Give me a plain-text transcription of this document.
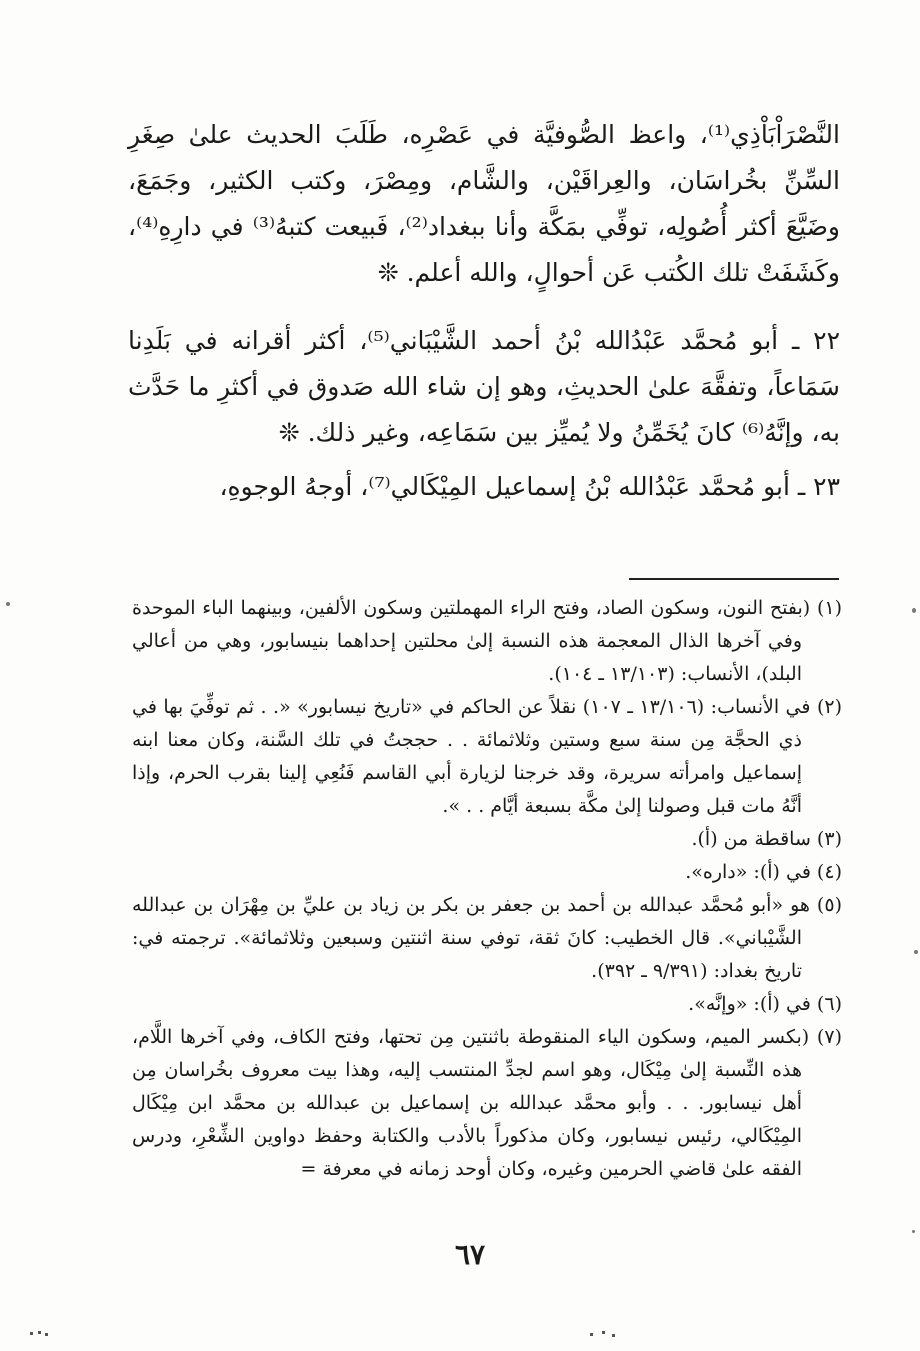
النَّصْرَاْبَاْذِي⁽¹⁾، واعظ الصُّوفيَّة في عَصْرِه، طَلَبَ الحديث علىٰ صِغَرِ السِّنِّ بخُراسَان، والعِراقَيْن، والشَّام، ومِصْرَ، وكتب الكثير، وجَمَعَ، وضَيَّعَ أكثر أُصُولِه، توفِّي بمَكَّة وأنا ببغداد⁽²⁾، فَبيعت كتبهُ⁽³⁾ في دارِهِ⁽⁴⁾، وكَشَفَتْ تلك الكُتب عَن أحوالٍ، والله أعلم. ❊

٢٢ ـ أبو مُحمَّد عَبْدُالله بْنُ أحمد الشَّيْبَاني⁽⁵⁾، أكثر أقرانه في بَلَدِنا سَمَاعاً، وتفقَّهَ علىٰ الحديثِ، وهو إن شاء الله صَدوق في أكثرِ ما حَدَّث به، وإنَّهُ⁽⁶⁾ كانَ يُخَمِّنُ ولا يُميِّز بين سَمَاعِه، وغير ذلك. ❊

٢٣ ـ أبو مُحمَّد عَبْدُالله بْنُ إسماعيل المِيْكَالي⁽⁷⁾، أوجهُ الوجوهِ،

(١) (بفتح النون، وسكون الصاد، وفتح الراء المهملتين وسكون الألفين، وبينهما الباء الموحدة وفي آخرها الذال المعجمة هذه النسبة إلىٰ محلتين إحداهما بنيسابور، وهي من أعالي البلد)، الأنساب: (١٣/١٠٣ ـ ١٠٤).

(٢) في الأنساب: (١٣/١٠٦ ـ ١٠٧) نقلاً عن الحاكم في «تاريخ نيسابور» «. . ثم توفِّيَ بها في ذي الحجَّة مِن سنة سبع وستين وثلاثمائة . . حججتُ في تلك السَّنة، وكان معنا ابنه إسماعيل وامرأته سريرة، وقد خرجنا لزيارة أبي القاسم فَنُعِي إلينا بقرب الحرم، وإذا أنَّهُ مات قبل وصولنا إلىٰ مكَّة بسبعة أيَّام . . ».

(٣) ساقطة من (أ).

(٤) في (أ): «داره».

(٥) هو «أبو مُحمَّد عبدالله بن أحمد بن جعفر بن بكر بن زياد بن عليِّ بن مِهْرَان بن عبدالله الشَّيْباني». قال الخطيب: كانَ ثقة، توفي سنة اثنتين وسبعين وثلاثمائة». ترجمته في: تاريخ بغداد: (٩/٣٩١ ـ ٣٩٢).

(٦) في (أ): «وإنَّه».

(٧) (بكسر الميم، وسكون الياء المنقوطة باثنتين مِن تحتها، وفتح الكاف، وفي آخرها اللَّام، هذه النِّسبة إلىٰ مِيْكَال، وهو اسم لجدِّ المنتسب إليه، وهذا بيت معروف بخُراسان مِن أهل نيسابور. . . وأبو محمَّد عبدالله بن إسماعيل بن عبدالله بن محمَّد ابن مِيْكَال المِيْكَالي، رئيس نيسابور، وكان مذكوراً بالأدب والكتابة وحفظ دواوين الشِّعْرِ، ودرس الفقه علىٰ قاضي الحرمين وغيره، وكان أوحد زمانه في معرفة =

٦٧
